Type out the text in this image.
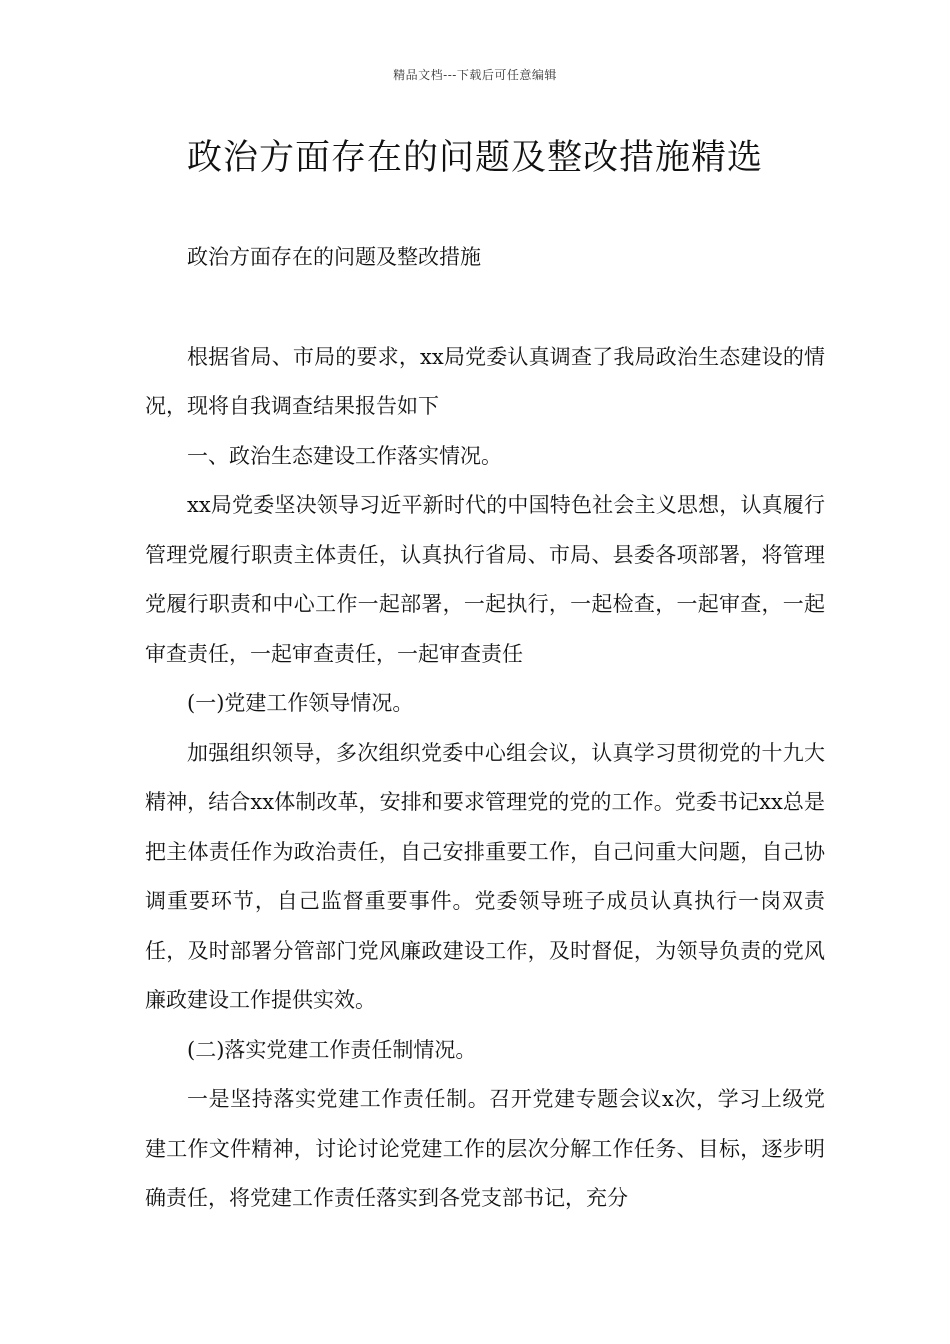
精品文档---下载后可任意编辑
政治方面存在的问题及整改措施精选

政治方面存在的问题及整改措施

根据省局、市局的要求，xx局党委认真调查了我局政治生态建设的情况，现将自我调查结果报告如下

一、政治生态建设工作落实情况。

xx局党委坚决领导习近平新时代的中国特色社会主义思想，认真履行管理党履行职责主体责任，认真执行省局、市局、县委各项部署，将管理党履行职责和中心工作一起部署，一起执行，一起检查，一起审查，一起审查责任，一起审查责任，一起审查责任

(一)党建工作领导情况。

加强组织领导，多次组织党委中心组会议，认真学习贯彻党的十九大精神，结合xx体制改革，安排和要求管理党的党的工作。党委书记xx总是把主体责任作为政治责任，自己安排重要工作，自己问重大问题，自己协调重要环节，自己监督重要事件。党委领导班子成员认真执行一岗双责任，及时部署分管部门党风廉政建设工作，及时督促，为领导负责的党风廉政建设工作提供实效。

(二)落实党建工作责任制情况。

一是坚持落实党建工作责任制。召开党建专题会议x次，学习上级党建工作文件精神，讨论讨论党建工作的层次分解工作任务、目标，逐步明确责任，将党建工作责任落实到各党支部书记，充分
